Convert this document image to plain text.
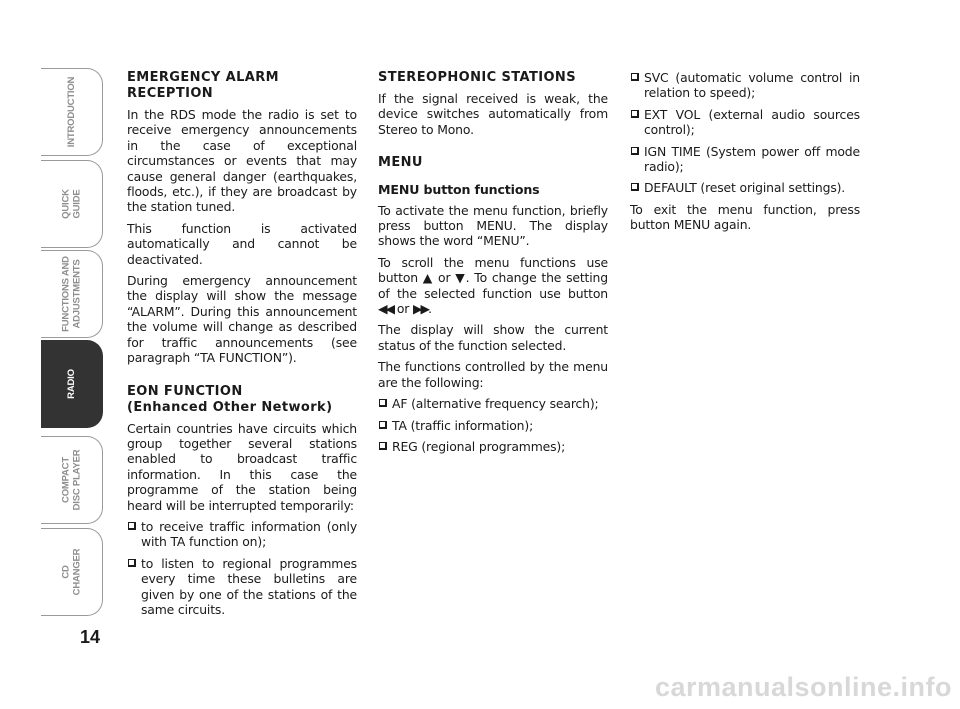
INTRODUCTION
QUICK
GUIDE
FUNCTIONS AND
ADJUSTMENTS
RADIO
COMPACT
DISC PLAYER
CD
CHANGER
14
EMERGENCY ALARM
RECEPTION

In the RDS mode the radio is set to receive emergency announcements in the case of exceptional circumstances or events that may cause general danger (earthquakes, floods, etc.), if they are broadcast by the station tuned.

This function is activated automatically and cannot be deactivated.

During emergency announcement the display will show the message “ALARM”. During this announcement the volume will change as described for traffic announcements (see paragraph “TA FUNCTION”).

EON FUNCTION
(Enhanced Other Network)

Certain countries have circuits which group together several stations enabled to broadcast traffic information. In this case the programme of the station being heard will be interrupted temporarily:

to receive traffic information (only with TA function on);
to listen to regional programmes every time these bulletins are given by one of the stations of the same circuits.
STEREOPHONIC STATIONS

If the signal received is weak, the device switches automatically from Stereo to Mono.

MENU
MENU button functions

To activate the menu function, briefly press button MENU. The display shows the word “MENU”.

To scroll the menu functions use button ▲ or ▼. To change the setting of the selected function use button ◀◀ or ▶▶.

The display will show the current status of the function selected.

The functions controlled by the menu are the following:

AF (alternative frequency search);
TA (traffic information);
REG (regional programmes);
SVC (automatic volume control in relation to speed);
EXT VOL (external audio sources control);
IGN TIME (System power off mode radio);
DEFAULT (reset original settings).

To exit the menu function, press button MENU again.

carmanualsonline.info
